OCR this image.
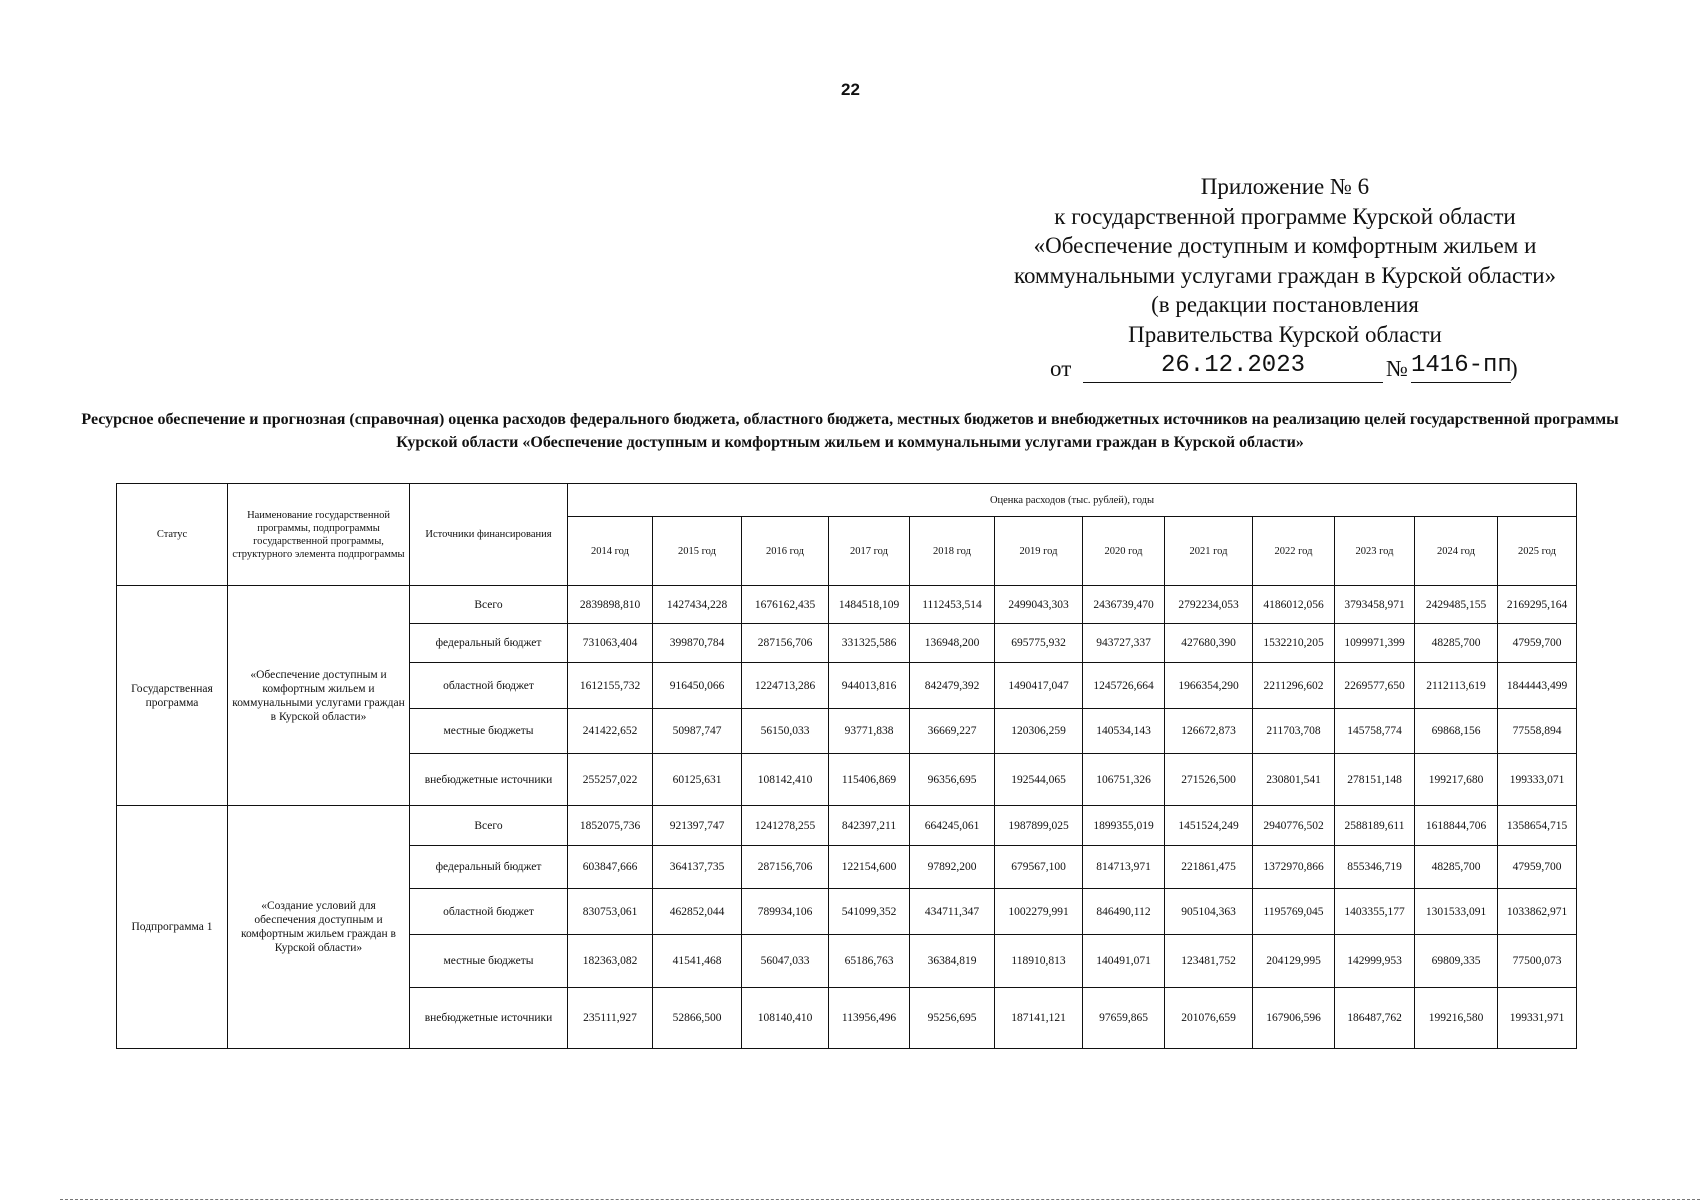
22
Приложение № 6
к государственной программе Курской области
«Обеспечение доступным и комфортным жильем и
коммунальными услугами граждан в Курской области»
(в редакции постановления
Правительства Курской области
от	26.12.2023	№ 1416-пп
)
Ресурсное обеспечение и прогнозная (справочная) оценка расходов федерального бюджета, областного бюджета, местных бюджетов и внебюджетных источников на реализацию целей государственной программы Курской области «Обеспечение доступным и комфортным жильем и коммунальными услугами граждан в Курской области»
Статус	Наименование государственной программы, подпрограммы государственной программы, структурного элемента подпрограммы	Источники финансирования	Оценка расходов (тыс. рублей), годы											
			2014 год	2015 год	2016 год	2017 год	2018 год	2019 год	2020 год	2021 год	2022 год	2023 год	2024 год	2025 год
Государственная программа	«Обеспечение доступным и комфортным жильем и коммунальными услугами граждан в Курской области»	Всего	2839898,810	1427434,228	1676162,435	1484518,109	1112453,514	2499043,303	2436739,470	2792234,053	4186012,056	3793458,971	2429485,155	2169295,164
		федеральный бюджет	731063,404	399870,784	287156,706	331325,586	136948,200	695775,932	943727,337	427680,390	1532210,205	1099971,399	48285,700	47959,700
		областной бюджет	1612155,732	916450,066	1224713,286	944013,816	842479,392	1490417,047	1245726,664	1966354,290	2211296,602	2269577,650	2112113,619	1844443,499
		местные бюджеты	241422,652	50987,747	56150,033	93771,838	36669,227	120306,259	140534,143	126672,873	211703,708	145758,774	69868,156	77558,894
		внебюджетные источники	255257,022	60125,631	108142,410	115406,869	96356,695	192544,065	106751,326	271526,500	230801,541	278151,148	199217,680	199333,071
Подпрограмма 1	«Создание условий для обеспечения доступным и комфортным жильем граждан в Курской области»	Всего	1852075,736	921397,747	1241278,255	842397,211	664245,061	1987899,025	1899355,019	1451524,249	2940776,502	2588189,611	1618844,706	1358654,715
		федеральный бюджет	603847,666	364137,735	287156,706	122154,600	97892,200	679567,100	814713,971	221861,475	1372970,866	855346,719	48285,700	47959,700
		областной бюджет	830753,061	462852,044	789934,106	541099,352	434711,347	1002279,991	846490,112	905104,363	1195769,045	1403355,177	1301533,091	1033862,971
		местные бюджеты	182363,082	41541,468	56047,033	65186,763	36384,819	118910,813	140491,071	123481,752	204129,995	142999,953	69809,335	77500,073
		внебюджетные источники	235111,927	52866,500	108140,410	113956,496	95256,695	187141,121	97659,865	201076,659	167906,596	186487,762	199216,580	199331,971
